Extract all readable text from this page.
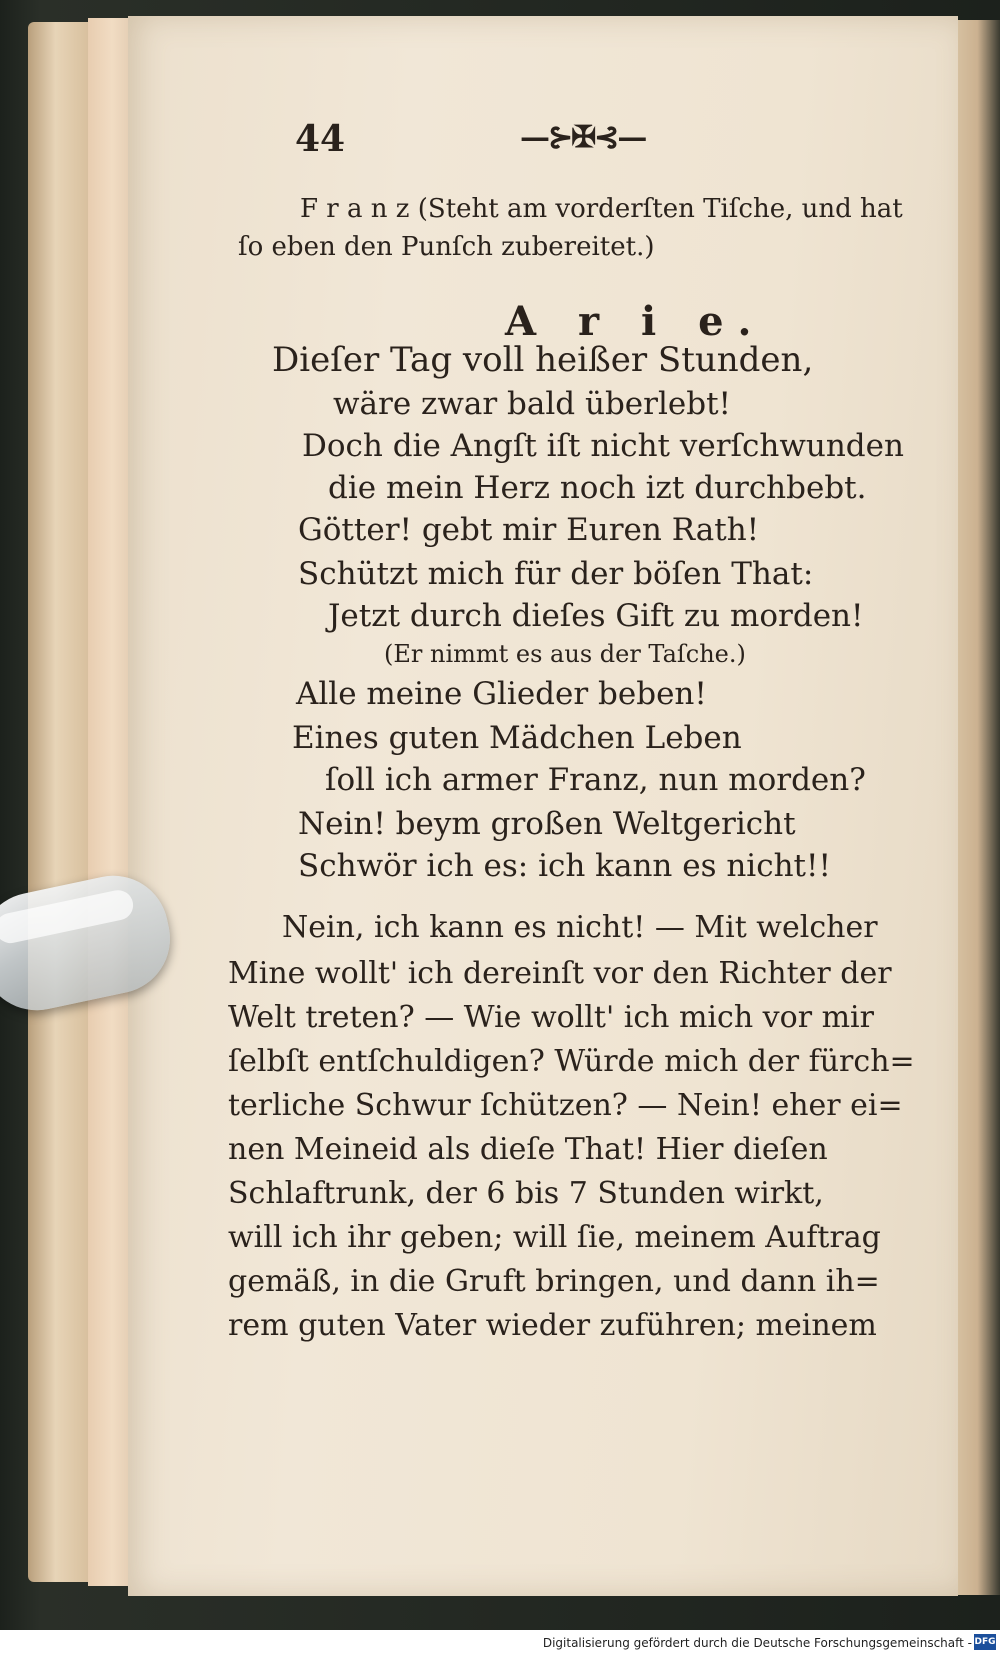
44	—⊱✠⊰—
F r a n z (Steht am vorderſten Tiſche, und hat
ſo eben den Punſch zubereitet.)
A r i e.
Dieſer Tag voll heißer Stunden,
wäre zwar bald überlebt!
Doch die Angſt iſt nicht verſchwunden
die mein Herz noch izt durchbebt.
Götter! gebt mir Euren Rath!
Schützt mich für der böſen That:
Jetzt durch dieſes Gift zu morden!
(Er nimmt es aus der Taſche.)
Alle meine Glieder beben!
Eines guten Mädchen Leben
ſoll ich armer Franz, nun morden?
Nein! beym großen Weltgericht
Schwör ich es: ich kann es nicht!!
Nein, ich kann es nicht! — Mit welcher
Mine wollt' ich dereinſt vor den Richter der
Welt treten? — Wie wollt' ich mich vor mir
ſelbſt entſchuldigen? Würde mich der fürch=
terliche Schwur ſchützen? — Nein! eher ei=
nen Meineid als dieſe That! Hier dieſen
Schlaftrunk, der 6 bis 7 Stunden wirkt,
will ich ihr geben; will ſie, meinem Auftrag
gemäß, in die Gruft bringen, und dann ih=
rem guten Vater wieder zuführen; meinem
Digitalisierung gefördert durch die Deutsche Forschungsgemeinschaft - DFG
